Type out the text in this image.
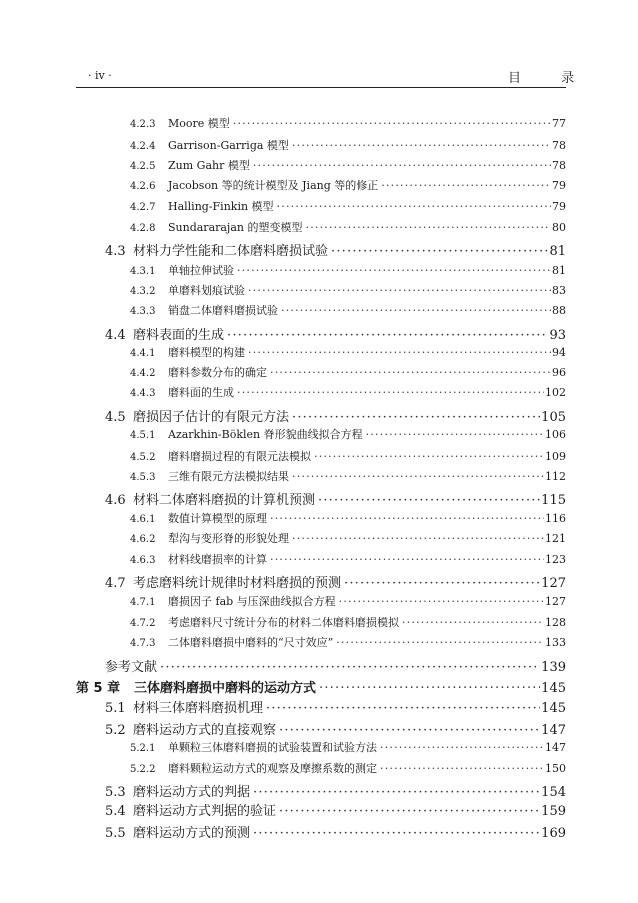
· iv ·	目 录
4.2.3	Moore 模型 ·····	77
4.2.4	Garrison-Garriga 模型 ·····	78
4.2.5	Zum Gahr 模型 ·····	78
4.2.6	Jacobson 等的统计模型及 Jiang 等的修正 ·····	79
4.2.7	Halling-Finkin 模型 ·····	79
4.2.8	Sundararajan 的塑变模型 ·····	80
4.3 材料力学性能和二体磨料磨损试验 ·····	81
4.3.1	单轴拉伸试验 ·····	81
4.3.2	单磨料划痕试验 ·····	83
4.3.3	销盘二体磨料磨损试验 ·····	88
4.4 磨料表面的生成 ·····	93
4.4.1	磨料模型的构建 ·····	94
4.4.2	磨料参数分布的确定 ·····	96
4.4.3	磨料面的生成 ·····	102
4.5 磨损因子估计的有限元方法 ·····	105
4.5.1	Azarkhin-Böklen 脊形貌曲线拟合方程 ·····	106
4.5.2	磨料磨损过程的有限元法模拟 ·····	109
4.5.3	三维有限元方法模拟结果 ·····	112
4.6 材料二体磨料磨损的计算机预测 ·····	115
4.6.1	数值计算模型的原理 ·····	116
4.6.2	犁沟与变形脊的形貌处理 ·····	121
4.6.3	材料线磨损率的计算 ·····	123
4.7 考虑磨料统计规律时材料磨损的预测 ·····	127
4.7.1	磨损因子 fab 与压深曲线拟合方程 ·····	127
4.7.2	考虑磨料尺寸统计分布的材料二体磨料磨损模拟 ·····	128
4.7.3	二体磨料磨损中磨料的“尺寸效应” ·····	133
参考文献 ·····	139
第 5 章	三体磨料磨损中磨料的运动方式 ·····	145
5.1 材料三体磨料磨损机理 ·····	145
5.2 磨料运动方式的直接观察 ·····	147
5.2.1	单颗粒三体磨料磨损的试验装置和试验方法 ·····	147
5.2.2	磨料颗粒运动方式的观察及摩擦系数的测定 ·····	150
5.3 磨料运动方式的判据 ·····	154
5.4 磨料运动方式判据的验证 ·····	159
5.5 磨料运动方式的预测 ·····	169
